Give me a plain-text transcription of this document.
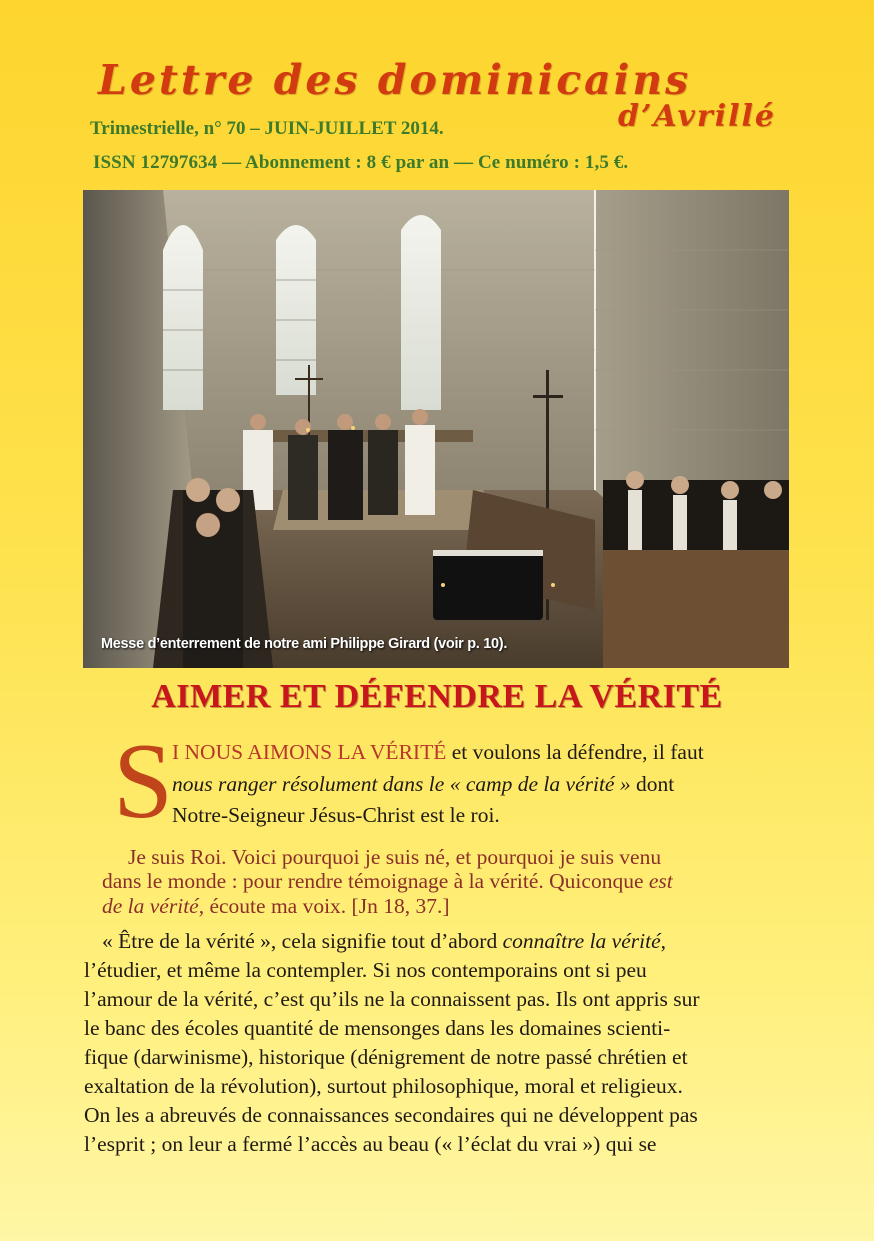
Lettre des dominicains
d’Avrillé
Trimestrielle, n° 70 – JUIN-JUILLET 2014.
ISSN 12797634 — Abonnement : 8 € par an — Ce numéro : 1,5 €.
Messe d’enterrement de notre ami Philippe Girard (voir p. 10).
AIMER ET DÉFENDRE LA VÉRITÉ
S
I NOUS AIMONS LA VÉRITÉ et voulons la défendre, il faut
nous ranger résolument dans le « camp de la vérité » dont
Notre-Seigneur Jésus-Christ est le roi.
Je suis Roi. Voici pourquoi je suis né, et pourquoi je suis venu
dans le monde : pour rendre témoignage à la vérité. Quiconque est
de la vérité, écoute ma voix. [Jn 18, 37.]
« Être de la vérité », cela signifie tout d’abord connaître la vérité,
l’étudier, et même la contempler. Si nos contemporains ont si peu
l’amour de la vérité, c’est qu’ils ne la connaissent pas. Ils ont appris sur
le banc des écoles quantité de mensonges dans les domaines scienti-
fique (darwinisme), historique (dénigrement de notre passé chrétien et
exaltation de la révolution), surtout philosophique, moral et religieux.
On les a abreuvés de connaissances secondaires qui ne développent pas
l’esprit ; on leur a fermé l’accès au beau (« l’éclat du vrai ») qui se
